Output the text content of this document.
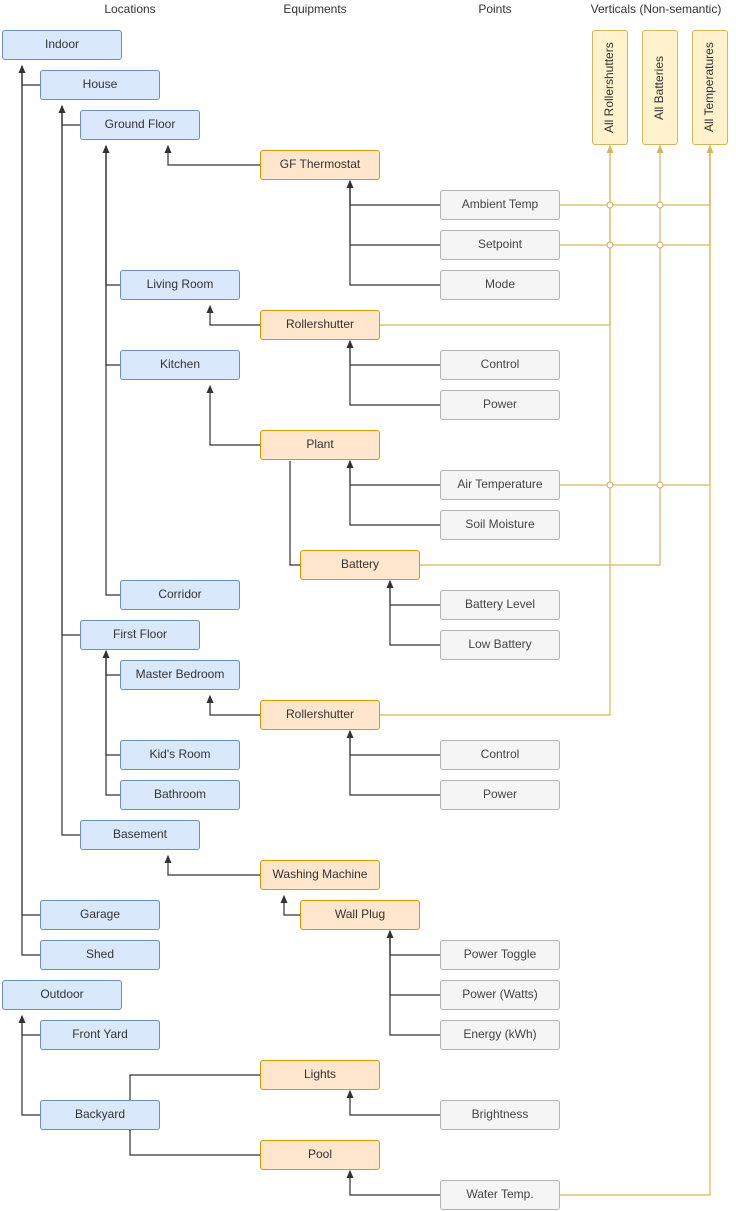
Locations	Equipments	Points	Verticals (Non-semantic)
Indoor
House
Ground Floor
Living Room
Kitchen
Corridor
First Floor
Master Bedroom
Kid's Room
Bathroom
Basement
Garage
Shed
Outdoor
Front Yard
Backyard
GF Thermostat
Rollershutter
Plant
Battery
Rollershutter
Washing Machine
Wall Plug
Lights
Pool
Ambient Temp
Setpoint
Mode
Control
Power
Air Temperature
Soil Moisture
Battery Level
Low Battery
Control
Power
Power Toggle
Power (Watts)
Energy (kWh)
Brightness
Water Temp.
All Rollershutters	All Batteries	All Temperatures
